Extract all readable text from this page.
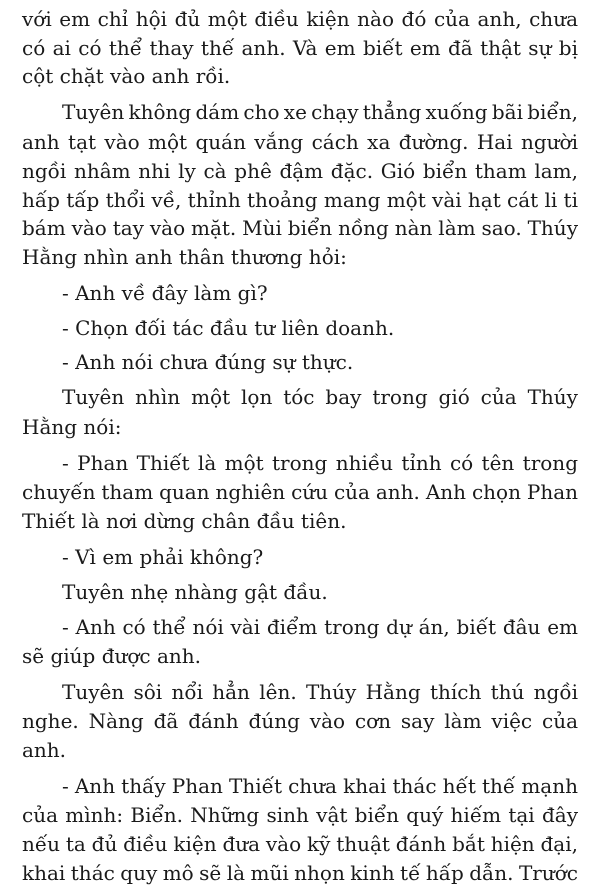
với em chỉ hội đủ một điều kiện nào đó của anh, chưa
có ai có thể thay thế anh. Và em biết em đã thật sự bị
cột chặt vào anh rồi.
Tuyên không dám cho xe chạy thẳng xuống bãi biển,
anh tạt vào một quán vắng cách xa đường. Hai người
ngồi nhâm nhi ly cà phê đậm đặc. Gió biển tham lam,
hấp tấp thổi về, thỉnh thoảng mang một vài hạt cát li ti
bám vào tay vào mặt. Mùi biển nồng nàn làm sao. Thúy
Hằng nhìn anh thân thương hỏi:
- Anh về đây làm gì?
- Chọn đối tác đầu tư liên doanh.
- Anh nói chưa đúng sự thực.
Tuyên nhìn một lọn tóc bay trong gió của Thúy
Hằng nói:
- Phan Thiết là một trong nhiều tỉnh có tên trong
chuyến tham quan nghiên cứu của anh. Anh chọn Phan
Thiết là nơi dừng chân đầu tiên.
- Vì em phải không?
Tuyên nhẹ nhàng gật đầu.
- Anh có thể nói vài điểm trong dự án, biết đâu em
sẽ giúp được anh.
Tuyên sôi nổi hẳn lên. Thúy Hằng thích thú ngồi
nghe. Nàng đã đánh đúng vào cơn say làm việc của
anh.
- Anh thấy Phan Thiết chưa khai thác hết thế mạnh
của mình: Biển. Những sinh vật biển quý hiếm tại đây
nếu ta đủ điều kiện đưa vào kỹ thuật đánh bắt hiện đại,
khai thác quy mô sẽ là mũi nhọn kinh tế hấp dẫn. Trước
